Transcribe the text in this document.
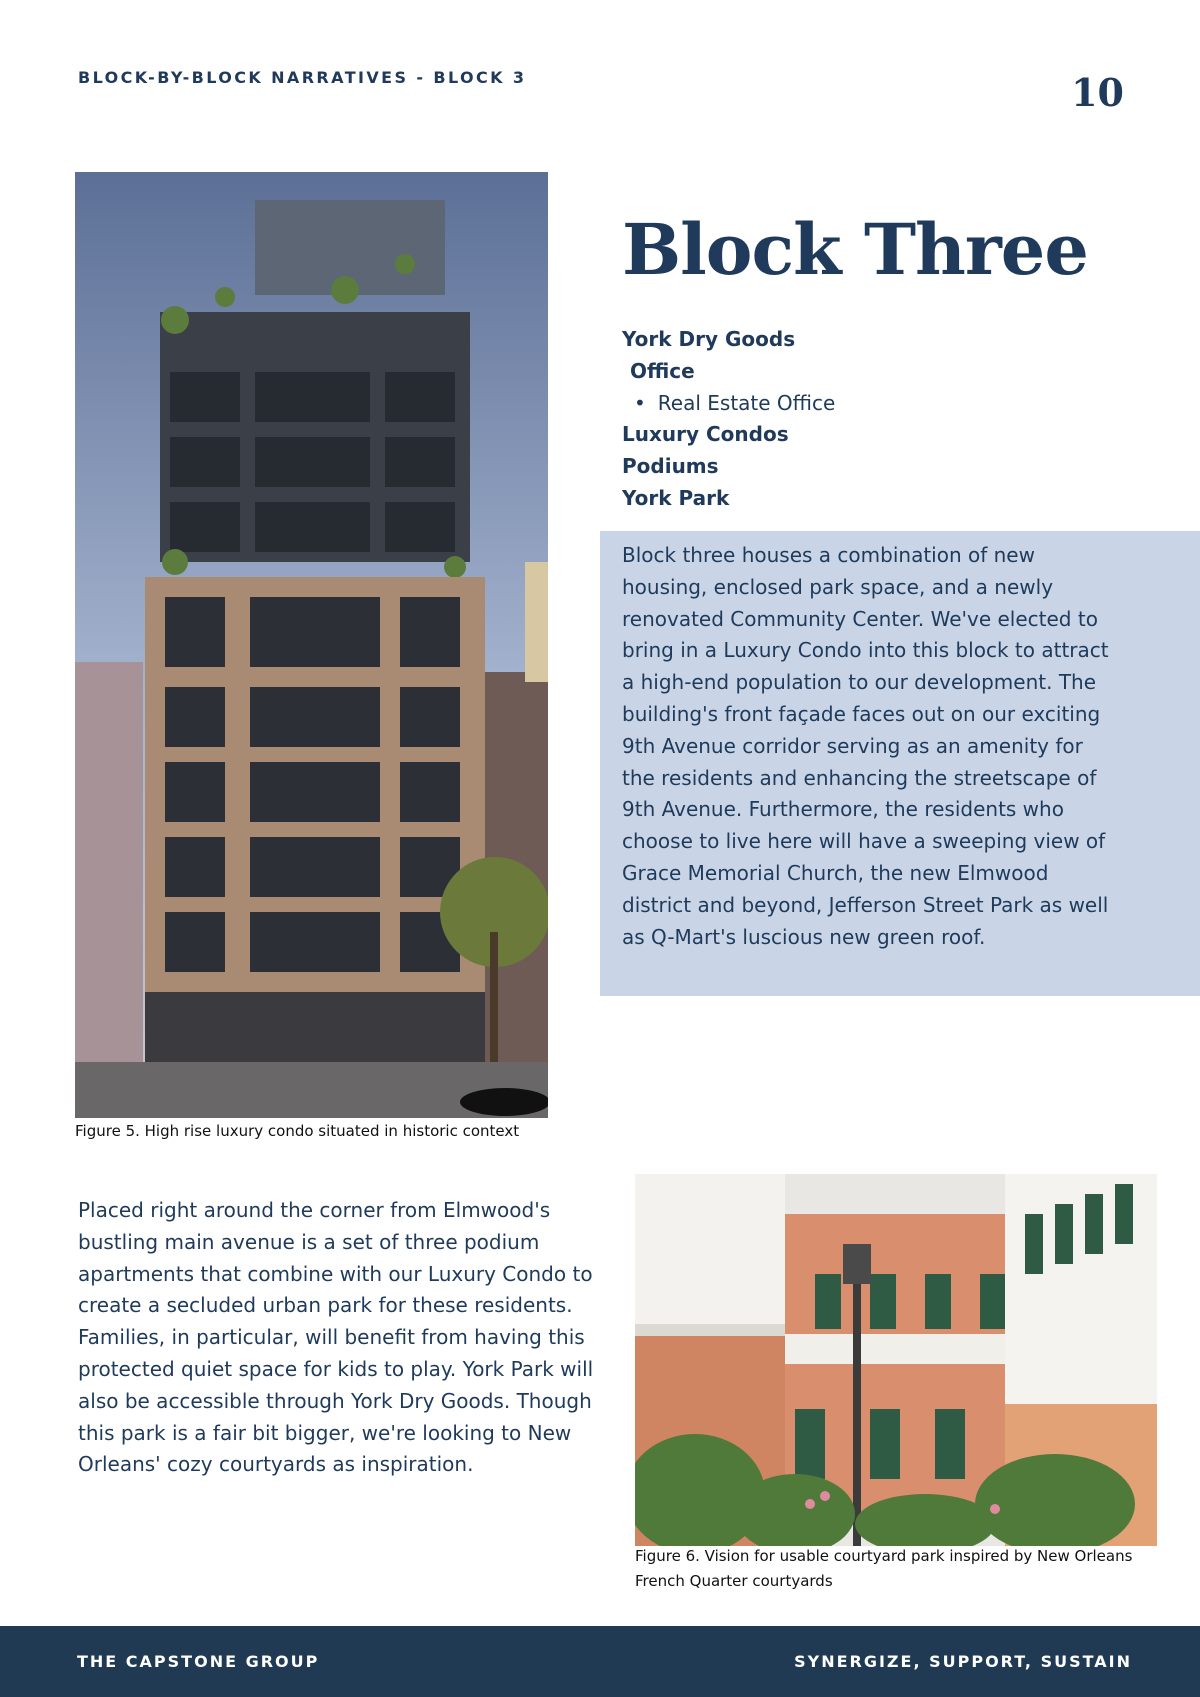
BLOCK-BY-BLOCK NARRATIVES - BLOCK 3	10
Figure 5. High rise luxury condo situated in historic context
Block Three
York Dry Goods
Office
• Real Estate Office
Luxury Condos
Podiums
York Park

Block three houses a combination of new housing, enclosed park space, and a newly renovated Community Center. We've elected to bring in a Luxury Condo into this block to attract a high-end population to our development. The building's front façade faces out on our exciting 9th Avenue corridor serving as an amenity for the residents and enhancing the streetscape of 9th Avenue. Furthermore, the residents who choose to live here will have a sweeping view of Grace Memorial Church, the new Elmwood district and beyond, Jefferson Street Park as well as Q-Mart's luscious new green roof.

Placed right around the corner from Elmwood's bustling main avenue is a set of three podium apartments that combine with our Luxury Condo to create a secluded urban park for these residents. Families, in particular, will benefit from having this protected quiet space for kids to play. York Park will also be accessible through York Dry Goods. Though this park is a fair bit bigger, we're looking to New Orleans' cozy courtyards as inspiration.

Figure 6. Vision for usable courtyard park inspired by New Orleans French Quarter courtyards
THE CAPSTONE GROUP	SYNERGIZE, SUPPORT, SUSTAIN
